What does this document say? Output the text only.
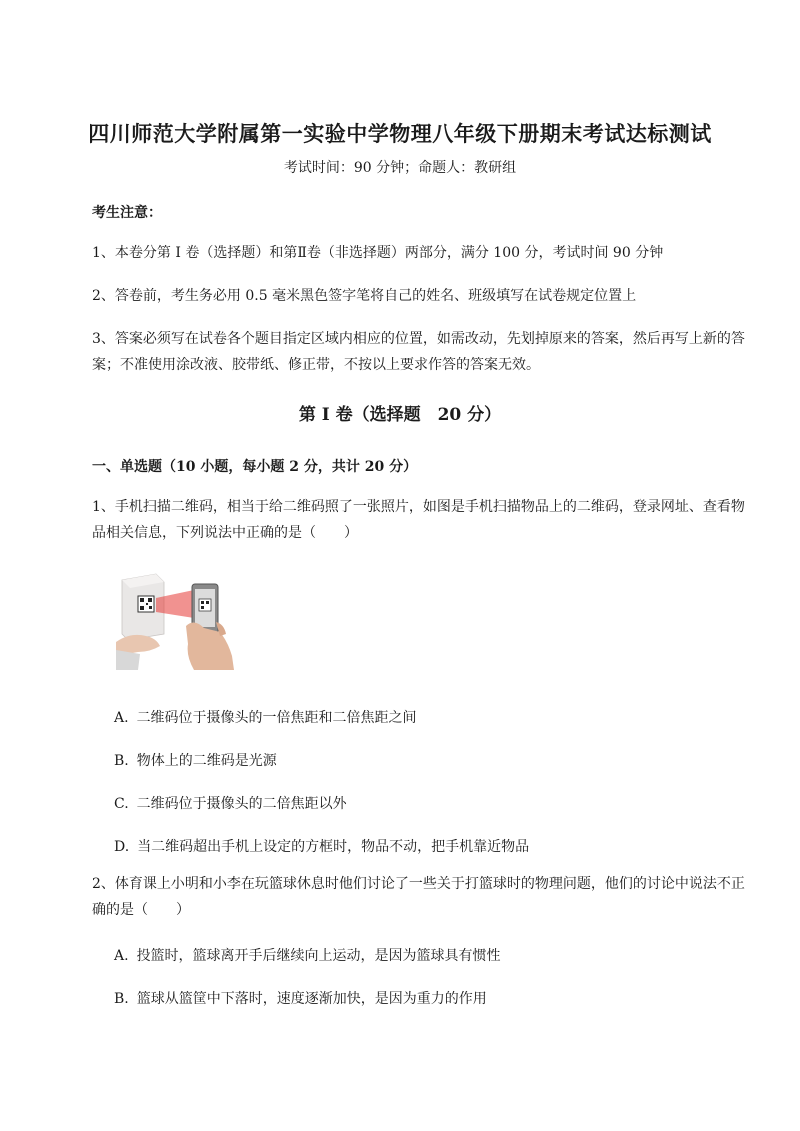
四川师范大学附属第一实验中学物理八年级下册期末考试达标测试
考试时间：90 分钟；命题人：教研组
考生注意：
1、本卷分第 I 卷（选择题）和第Ⅱ卷（非选择题）两部分，满分 100 分，考试时间 90 分钟
2、答卷前，考生务必用 0.5 毫米黑色签字笔将自己的姓名、班级填写在试卷规定位置上
3、答案必须写在试卷各个题目指定区域内相应的位置，如需改动，先划掉原来的答案，然后再写上新的答案；不准使用涂改液、胶带纸、修正带，不按以上要求作答的答案无效。
第 I 卷（选择题　20 分）
一、单选题（10 小题，每小题 2 分，共计 20 分）
1、手机扫描二维码，相当于给二维码照了一张照片，如图是手机扫描物品上的二维码，登录网址、查看物品相关信息，下列说法中正确的是（　　）
A. 二维码位于摄像头的一倍焦距和二倍焦距之间
B. 物体上的二维码是光源
C. 二维码位于摄像头的二倍焦距以外
D. 当二维码超出手机上设定的方框时，物品不动，把手机靠近物品
2、体育课上小明和小李在玩篮球休息时他们讨论了一些关于打篮球时的物理问题，他们的讨论中说法不正确的是（　　）
A. 投篮时，篮球离开手后继续向上运动，是因为篮球具有惯性
B. 篮球从篮筐中下落时，速度逐渐加快，是因为重力的作用
